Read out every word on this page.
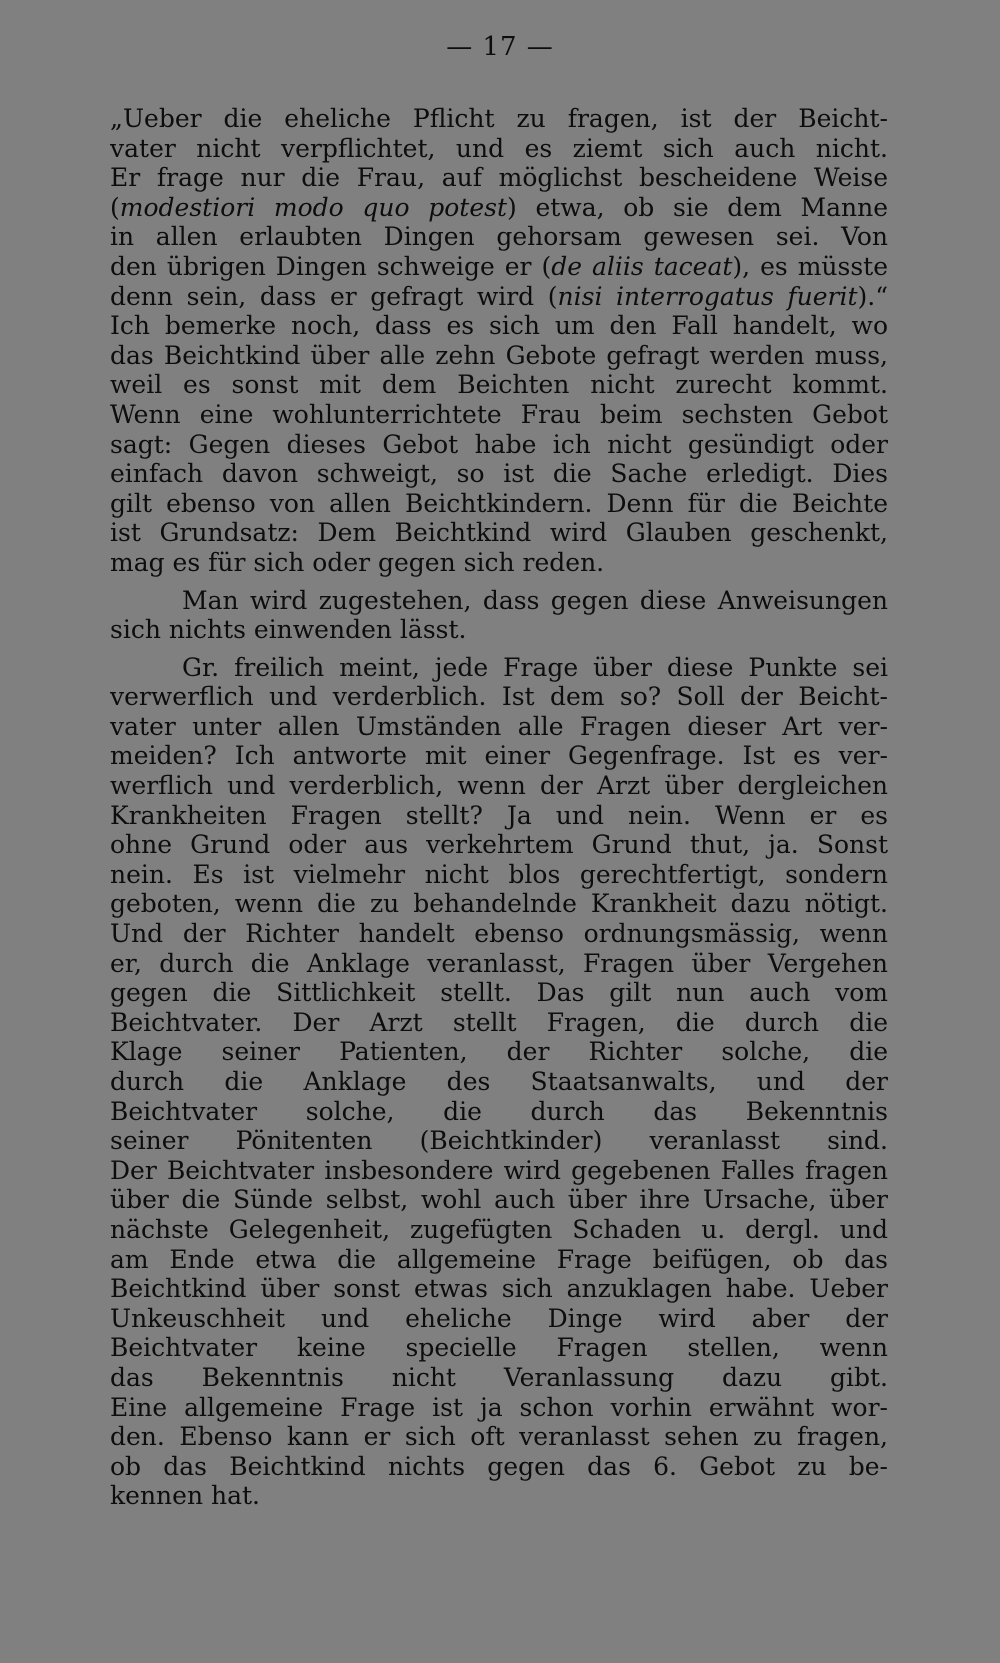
— 17 —
„Ueber die eheliche Pflicht zu fragen, ist der Beicht-
vater nicht verpflichtet, und es ziemt sich auch nicht.
Er frage nur die Frau, auf möglichst bescheidene Weise
(modestiori modo quo potest) etwa, ob sie dem Manne
in allen erlaubten Dingen gehorsam gewesen sei. Von
den übrigen Dingen schweige er (de aliis taceat), es müsste
denn sein, dass er gefragt wird (nisi interrogatus fuerit).“
Ich bemerke noch, dass es sich um den Fall handelt, wo
das Beichtkind über alle zehn Gebote gefragt werden muss,
weil es sonst mit dem Beichten nicht zurecht kommt.
Wenn eine wohlunterrichtete Frau beim sechsten Gebot
sagt: Gegen dieses Gebot habe ich nicht gesündigt oder
einfach davon schweigt, so ist die Sache erledigt. Dies
gilt ebenso von allen Beichtkindern. Denn für die Beichte
ist Grundsatz: Dem Beichtkind wird Glauben geschenkt,
mag es für sich oder gegen sich reden.
Man wird zugestehen, dass gegen diese Anweisungen
sich nichts einwenden lässt.
Gr. freilich meint, jede Frage über diese Punkte sei
verwerflich und verderblich. Ist dem so? Soll der Beicht-
vater unter allen Umständen alle Fragen dieser Art ver-
meiden? Ich antworte mit einer Gegenfrage. Ist es ver-
werflich und verderblich, wenn der Arzt über dergleichen
Krankheiten Fragen stellt? Ja und nein. Wenn er es
ohne Grund oder aus verkehrtem Grund thut, ja. Sonst
nein. Es ist vielmehr nicht blos gerechtfertigt, sondern
geboten, wenn die zu behandelnde Krankheit dazu nötigt.
Und der Richter handelt ebenso ordnungsmässig, wenn
er, durch die Anklage veranlasst, Fragen über Vergehen
gegen die Sittlichkeit stellt. Das gilt nun auch vom
Beichtvater. Der Arzt stellt Fragen, die durch die
Klage seiner Patienten, der Richter solche, die
durch die Anklage des Staatsanwalts, und der
Beichtvater solche, die durch das Bekenntnis
seiner Pönitenten (Beichtkinder) veranlasst sind.
Der Beichtvater insbesondere wird gegebenen Falles fragen
über die Sünde selbst, wohl auch über ihre Ursache, über
nächste Gelegenheit, zugefügten Schaden u. dergl. und
am Ende etwa die allgemeine Frage beifügen, ob das
Beichtkind über sonst etwas sich anzuklagen habe. Ueber
Unkeuschheit und eheliche Dinge wird aber der
Beichtvater keine specielle Fragen stellen, wenn
das Bekenntnis nicht Veranlassung dazu gibt.
Eine allgemeine Frage ist ja schon vorhin erwähnt wor-
den. Ebenso kann er sich oft veranlasst sehen zu fragen,
ob das Beichtkind nichts gegen das 6. Gebot zu be-
kennen hat.
